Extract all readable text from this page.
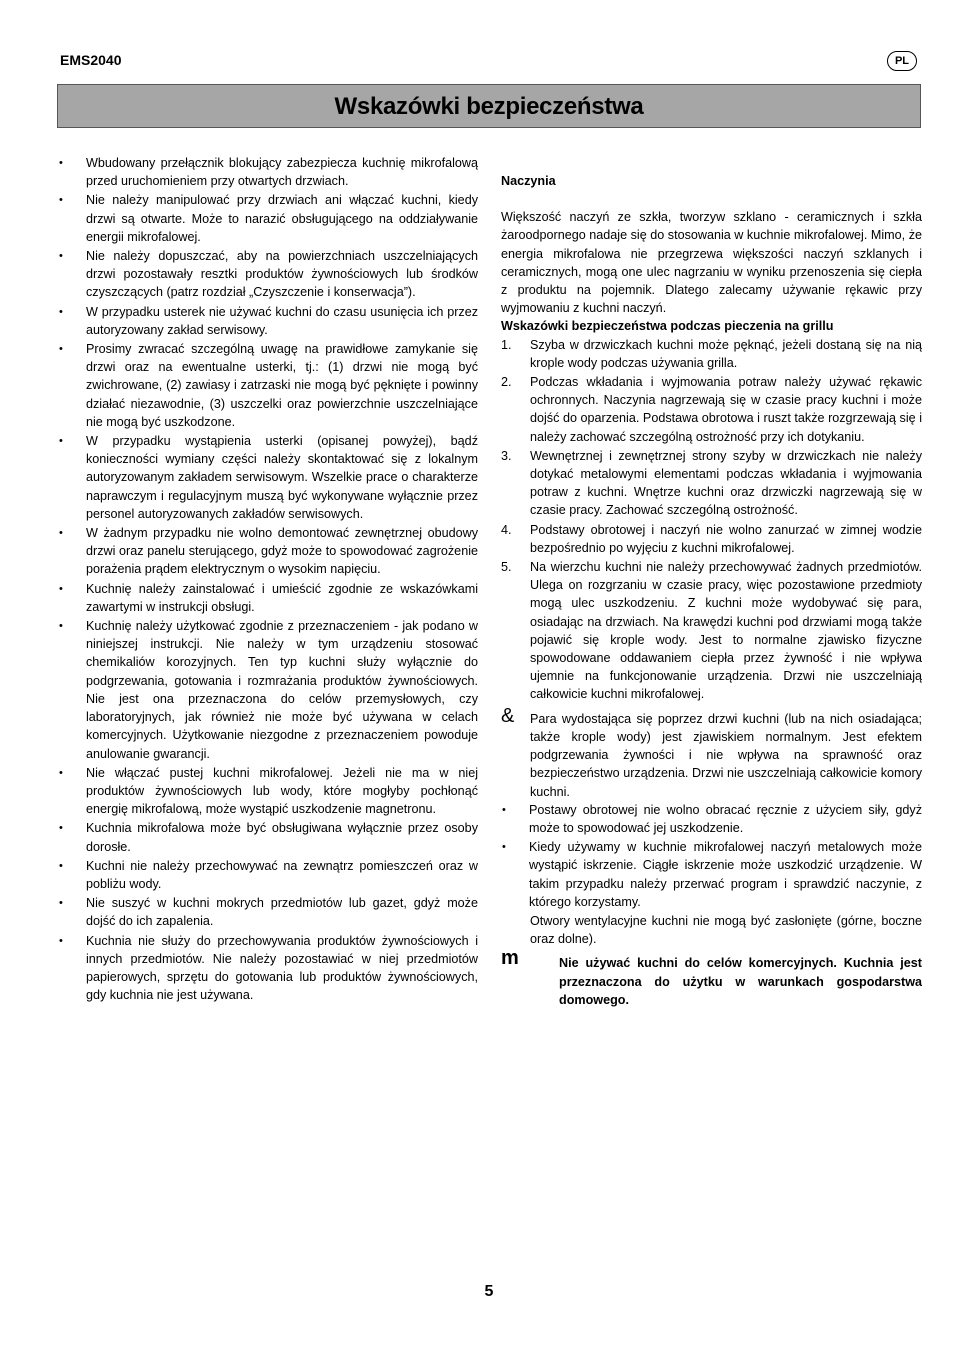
EMS2040	PL
Wskazówki bezpieczeństwa
• Wbudowany przełącznik blokujący zabezpiecza kuchnię mikrofalową przed uruchomieniem przy otwartych drzwiach.
• Nie należy manipulować przy drzwiach ani włączać kuchni, kiedy drzwi są otwarte. Może to narazić obsługującego na oddziaływanie energii mikrofalowej.
• Nie należy dopuszczać, aby na powierzchniach uszczelniających drzwi pozostawały resztki produktów żywnościowych lub środków czyszczących (patrz rozdział „Czyszczenie i konserwacja”).
• W przypadku usterek nie używać kuchni do czasu usunięcia ich przez autoryzowany zakład serwisowy.
• Prosimy zwracać szczególną uwagę na prawidłowe zamykanie się drzwi oraz na ewentualne usterki, tj.: (1) drzwi nie mogą być zwichrowane, (2) zawiasy i zatrzaski nie mogą być pęknięte i powinny działać niezawodnie, (3) uszczelki oraz powierzchnie uszczelniające nie mogą być uszkodzone.
• W przypadku wystąpienia usterki (opisanej powyżej), bądź konieczności wymiany części należy skontaktować się z lokalnym autoryzowanym zakładem serwisowym. Wszelkie prace o charakterze naprawczym i regulacyjnym muszą być wykonywane wyłącznie przez personel autoryzowanych zakładów serwisowych.
• W żadnym przypadku nie wolno demontować zewnętrznej obudowy drzwi oraz panelu sterującego, gdyż może to spowodować zagrożenie porażenia prądem elektrycznym o wysokim napięciu.
• Kuchnię należy zainstalować i umieścić zgodnie ze wskazówkami zawartymi w instrukcji obsługi.
• Kuchnię należy użytkować zgodnie z przeznaczeniem - jak podano w niniejszej instrukcji. Nie należy w tym urządzeniu stosować chemikaliów korozyjnych. Ten typ kuchni służy wyłącznie do podgrzewania, gotowania i rozmrażania produktów żywnościowych. Nie jest ona przeznaczona do celów przemysłowych, czy laboratoryjnych, jak również nie może być używana w celach komercyjnych. Użytkowanie niezgodne z przeznaczeniem powoduje anulowanie gwarancji.
• Nie włączać pustej kuchni mikrofalowej. Jeżeli nie ma w niej produktów żywnościowych lub wody, które mogłyby pochłonąć energię mikrofalową, może wystąpić uszkodzenie magnetronu.
• Kuchnia mikrofalowa może być obsługiwana wyłącznie przez osoby dorosłe.
• Kuchni nie należy przechowywać na zewnątrz pomieszczeń oraz w pobliżu wody.
• Nie suszyć w kuchni mokrych przedmiotów lub gazet, gdyż może dojść do ich zapalenia.
• Kuchnia nie służy do przechowywania produktów żywnościowych i innych przedmiotów. Nie należy pozostawiać w niej przedmiotów papierowych, sprzętu do gotowania lub produktów żywnościowych, gdy kuchnia nie jest używana.

Naczynia

Większość naczyń ze szkła, tworzyw szklano - ceramicznych i szkła żaroodpornego nadaje się do stosowania w kuchnie mikrofalowej. Mimo, że energia mikrofalowa nie przegrzewa większości naczyń szklanych i ceramicznych, mogą one ulec nagrzaniu w wyniku przenoszenia się ciepła z produktu na pojemnik. Dlatego zalecamy używanie rękawic przy wyjmowaniu z kuchni naczyń.

Wskazówki bezpieczeństwa podczas pieczenia na grillu

1. Szyba w drzwiczkach kuchni może pęknąć, jeżeli dostaną się na nią krople wody podczas używania grilla.
2. Podczas wkładania i wyjmowania potraw należy używać rękawic ochronnych. Naczynia nagrzewają się w czasie pracy kuchni i może dojść do oparzenia. Podstawa obrotowa i ruszt także rozgrzewają się i należy zachować szczególną ostrożność przy ich dotykaniu.
3. Wewnętrznej i zewnętrznej strony szyby w drzwiczkach nie należy dotykać metalowymi elementami podczas wkładania i wyjmowania potraw z kuchni. Wnętrze kuchni oraz drzwiczki nagrzewają się w czasie pracy. Zachować szczególną ostrożność.
4. Podstawy obrotowej i naczyń nie wolno zanurzać w zimnej wodzie bezpośrednio po wyjęciu z kuchni mikrofalowej.
5. Na wierzchu kuchni nie należy przechowywać żadnych przedmiotów. Ulega on rozgrzaniu w czasie pracy, więc pozostawione przedmioty mogą ulec uszkodzeniu. Z kuchni może wydobywać się para, osiadając na drzwiach. Na krawędzi kuchni pod drzwiami mogą także pojawić się krople wody. Jest to normalne zjawisko fizyczne spowodowane oddawaniem ciepła przez żywność i nie wpływa ujemnie na funkcjonowanie urządzenia. Drzwi nie uszczelniają całkowicie kuchni mikrofalowej.
& Para wydostająca się poprzez drzwi kuchni (lub na nich osiadająca; także krople wody) jest zjawiskiem normalnym. Jest efektem podgrzewania żywności i nie wpływa na sprawność oraz bezpieczeństwo urządzenia. Drzwi nie uszczelniają całkowicie komory kuchni.
• Postawy obrotowej nie wolno obracać ręcznie z użyciem siły, gdyż może to spowodować jej uszkodzenie.
• Kiedy używamy w kuchnie mikrofalowej naczyń metalowych może wystąpić iskrzenie. Ciągłe iskrzenie może uszkodzić urządzenie. W takim przypadku należy przerwać program i sprawdzić naczynie, z którego korzystamy.

Otwory wentylacyjne kuchni nie mogą być zasłonięte (górne, boczne oraz dolne).

m	Nie używać kuchni do celów komercyjnych. Kuchnia jest przeznaczona do użytku w warunkach gospodarstwa domowego.
5
